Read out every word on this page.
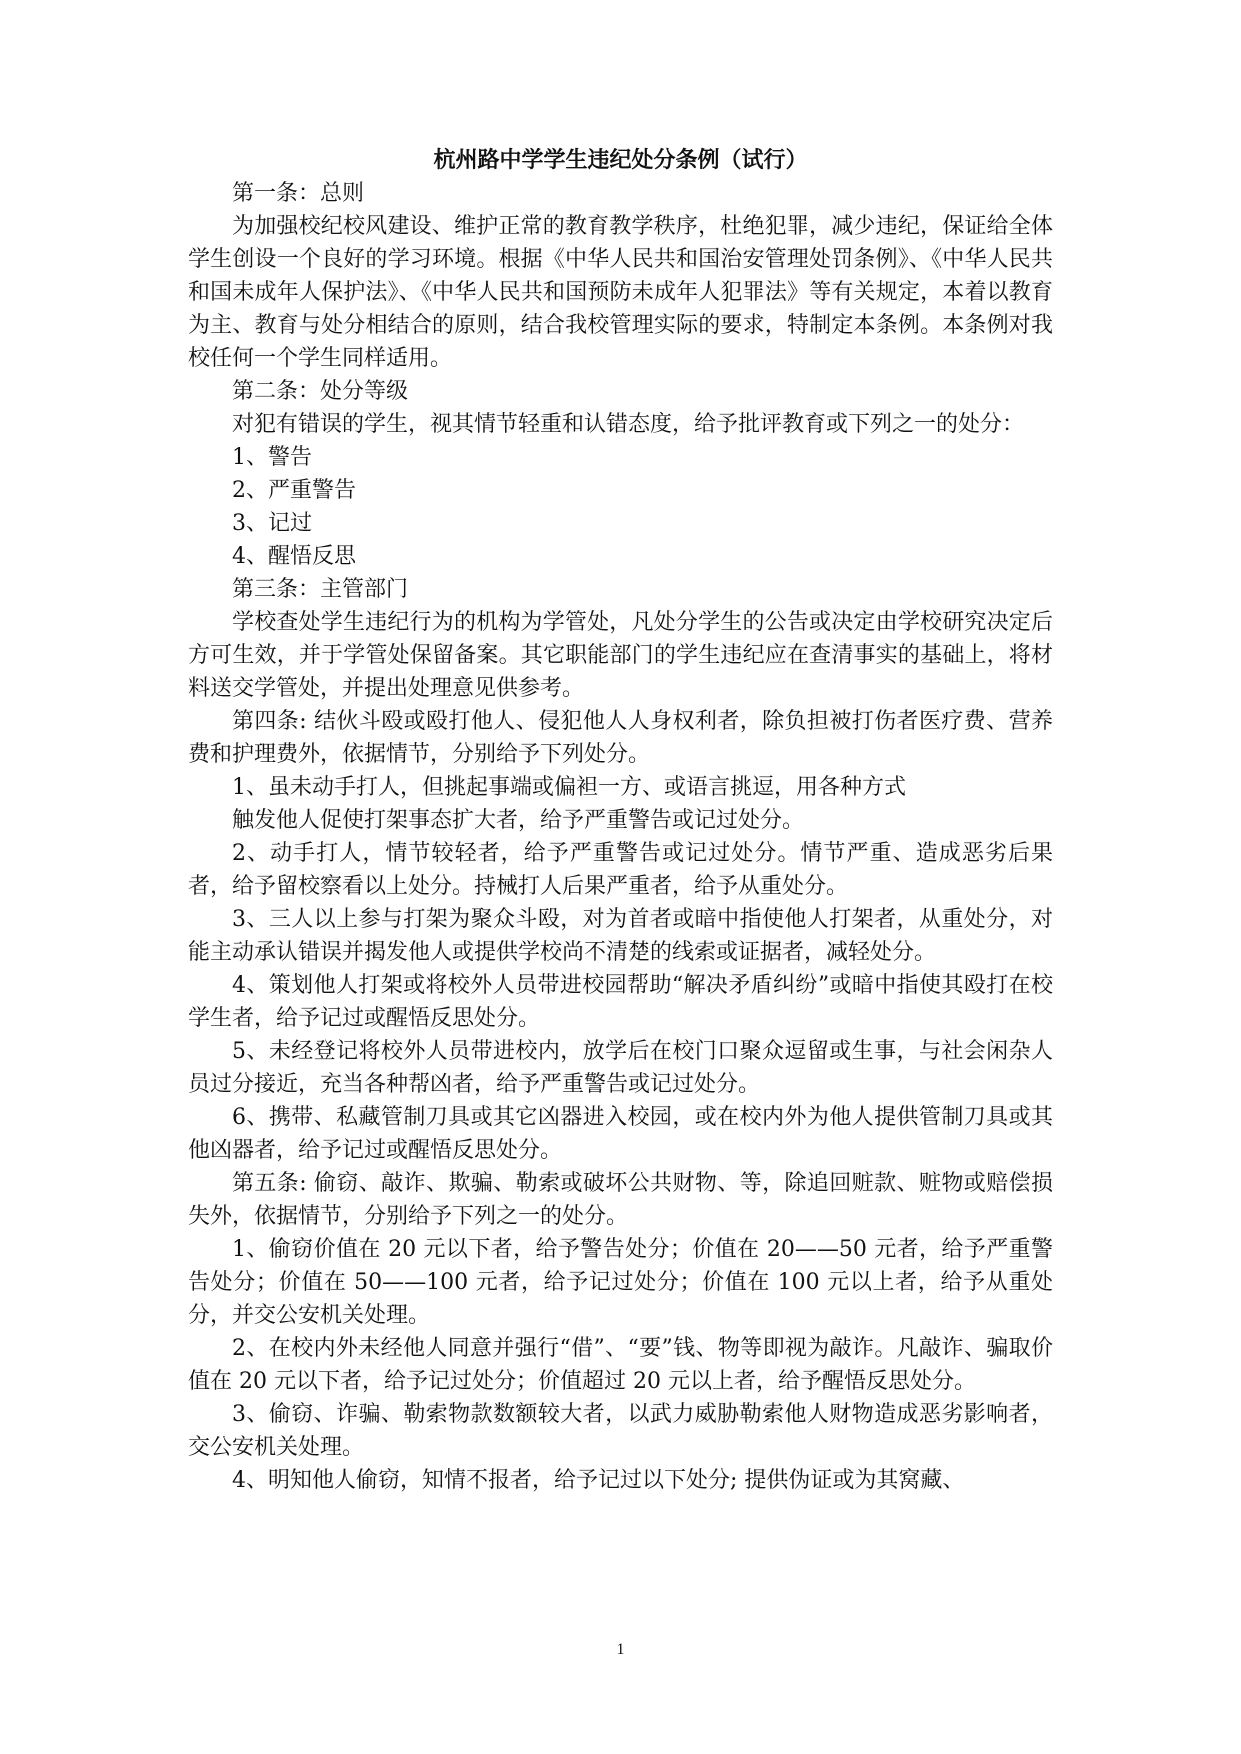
杭州路中学学生违纪处分条例（试行）

第一条：总则

为加强校纪校风建设、维护正常的教育教学秩序，杜绝犯罪，减少违纪，保证给全体学生创设一个良好的学习环境。根据《中华人民共和国治安管理处罚条例》、《中华人民共和国未成年人保护法》、《中华人民共和国预防未成年人犯罪法》等有关规定，本着以教育为主、教育与处分相结合的原则，结合我校管理实际的要求，特制定本条例。本条例对我校任何一个学生同样适用。

第二条：处分等级

对犯有错误的学生，视其情节轻重和认错态度，给予批评教育或下列之一的处分：

1、警告

2、严重警告

3、记过

4、醒悟反思

第三条：主管部门

学校查处学生违纪行为的机构为学管处，凡处分学生的公告或决定由学校研究决定后方可生效，并于学管处保留备案。其它职能部门的学生违纪应在查清事实的基础上，将材料送交学管处，并提出处理意见供参考。

第四条: 结伙斗殴或殴打他人、侵犯他人人身权利者，除负担被打伤者医疗费、营养费和护理费外，依据情节，分别给予下列处分。

1、虽未动手打人，但挑起事端或偏袒一方、或语言挑逗，用各种方式

触发他人促使打架事态扩大者，给予严重警告或记过处分。

2、动手打人，情节较轻者，给予严重警告或记过处分。情节严重、造成恶劣后果者，给予留校察看以上处分。持械打人后果严重者，给予从重处分。

3、三人以上参与打架为聚众斗殴，对为首者或暗中指使他人打架者，从重处分，对能主动承认错误并揭发他人或提供学校尚不清楚的线索或证据者，减轻处分。

4、策划他人打架或将校外人员带进校园帮助“解决矛盾纠纷”或暗中指使其殴打在校学生者，给予记过或醒悟反思处分。

5、未经登记将校外人员带进校内，放学后在校门口聚众逗留或生事，与社会闲杂人员过分接近，充当各种帮凶者，给予严重警告或记过处分。

6、携带、私藏管制刀具或其它凶器进入校园，或在校内外为他人提供管制刀具或其他凶器者，给予记过或醒悟反思处分。

第五条: 偷窃、敲诈、欺骗、勒索或破坏公共财物、等，除追回赃款、赃物或赔偿损失外，依据情节，分别给予下列之一的处分。

1、偷窃价值在 20 元以下者，给予警告处分；价值在 20——50 元者，给予严重警告处分；价值在 50——100 元者，给予记过处分；价值在 100 元以上者，给予从重处分，并交公安机关处理。

2、在校内外未经他人同意并强行“借”、“要”钱、物等即视为敲诈。凡敲诈、骗取价值在 20 元以下者，给予记过处分；价值超过 20 元以上者，给予醒悟反思处分。

3、偷窃、诈骗、勒索物款数额较大者，以武力威胁勒索他人财物造成恶劣影响者，交公安机关处理。

4、明知他人偷窃，知情不报者，给予记过以下处分; 提供伪证或为其窝藏、

1
